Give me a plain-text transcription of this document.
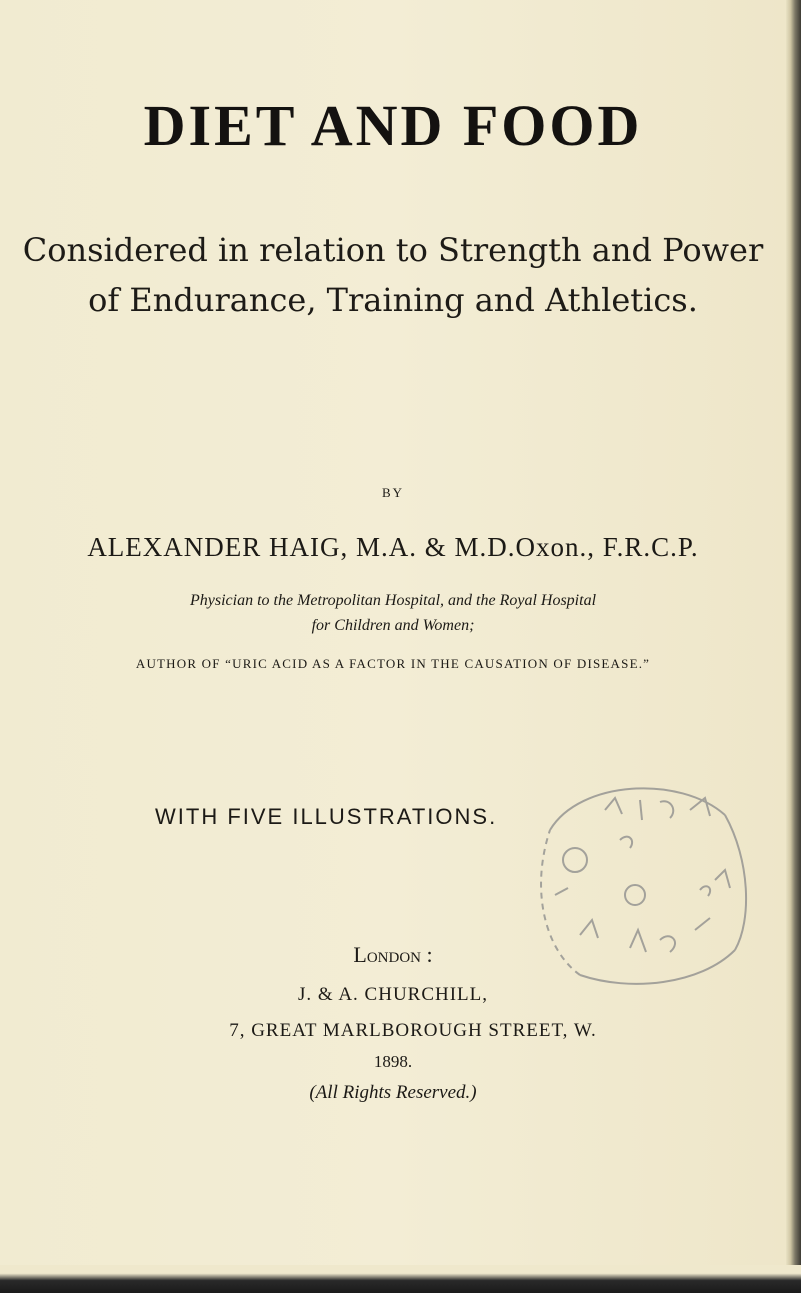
DIET AND FOOD
Considered in relation to Strength and Power
of Endurance, Training and Athletics.
BY
ALEXANDER HAIG, M.A. & M.D.Oxon., F.R.C.P.
Physician to the Metropolitan Hospital, and the Royal Hospital
for Children and Women;
AUTHOR OF “URIC ACID AS A FACTOR IN THE CAUSATION OF DISEASE.”
WITH FIVE ILLUSTRATIONS.
London :
J. & A. CHURCHILL,
7, GREAT MARLBOROUGH STREET, W.
1898.
(All Rights Reserved.)
